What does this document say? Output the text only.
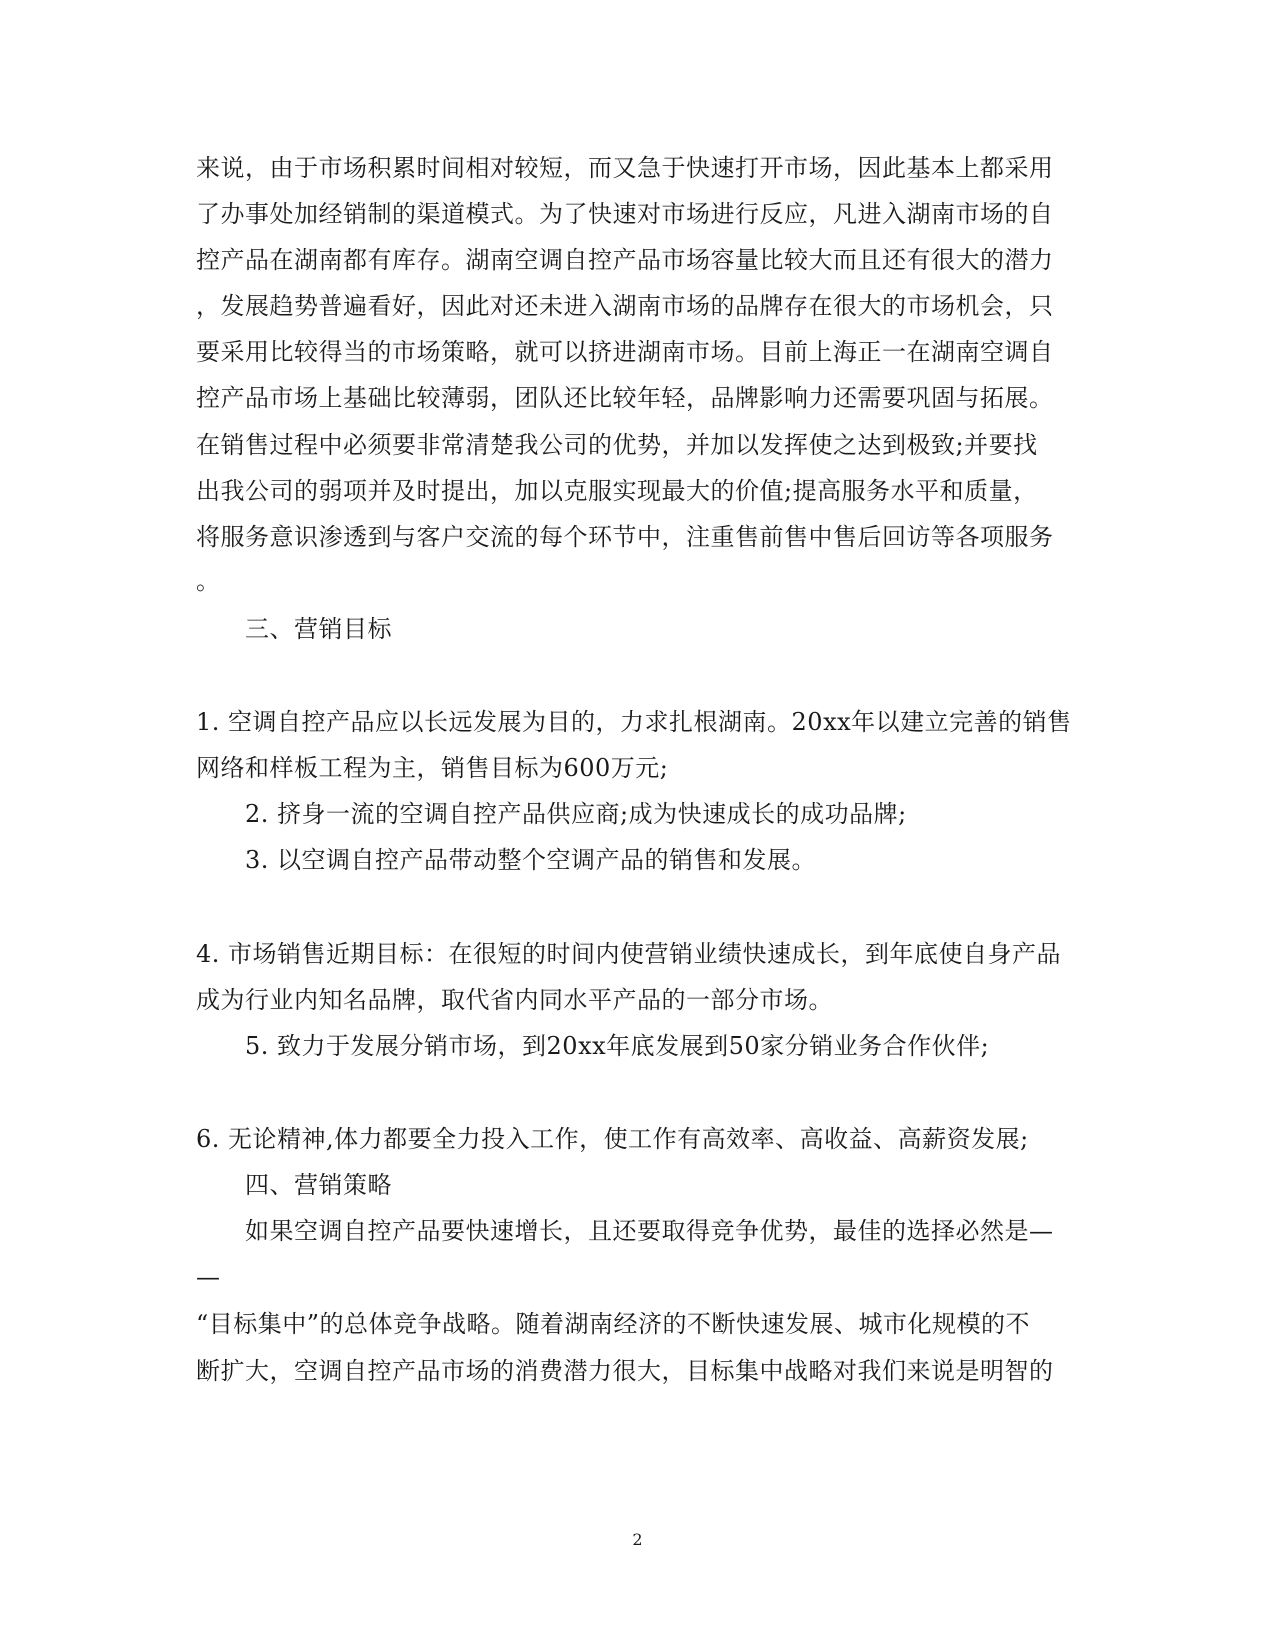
来说，由于市场积累时间相对较短，而又急于快速打开市场，因此基本上都采用
了办事处加经销制的渠道模式。为了快速对市场进行反应，凡进入湖南市场的自
控产品在湖南都有库存。湖南空调自控产品市场容量比较大而且还有很大的潜力
，发展趋势普遍看好，因此对还未进入湖南市场的品牌存在很大的市场机会，只
要采用比较得当的市场策略，就可以挤进湖南市场。目前上海正一在湖南空调自
控产品市场上基础比较薄弱，团队还比较年轻，品牌影响力还需要巩固与拓展。
在销售过程中必须要非常清楚我公司的优势，并加以发挥使之达到极致;并要找
出我公司的弱项并及时提出，加以克服实现最大的价值;提高服务水平和质量，
将服务意识渗透到与客户交流的每个环节中，注重售前售中售后回访等各项服务
。
三、营销目标
1. 空调自控产品应以长远发展为目的，力求扎根湖南。20xx年以建立完善的销售
网络和样板工程为主，销售目标为600万元;
2. 挤身一流的空调自控产品供应商;成为快速成长的成功品牌;
3. 以空调自控产品带动整个空调产品的销售和发展。
4. 市场销售近期目标：在很短的时间内使营销业绩快速成长，到年底使自身产品
成为行业内知名品牌，取代省内同水平产品的一部分市场。
5. 致力于发展分销市场，到20xx年底发展到50家分销业务合作伙伴;
6. 无论精神,体力都要全力投入工作，使工作有高效率、高收益、高薪资发展;
四、营销策略
如果空调自控产品要快速增长，且还要取得竞争优势，最佳的选择必然是—
—
“目标集中”的总体竞争战略。随着湖南经济的不断快速发展、城市化规模的不
断扩大，空调自控产品市场的消费潜力很大，目标集中战略对我们来说是明智的
2
